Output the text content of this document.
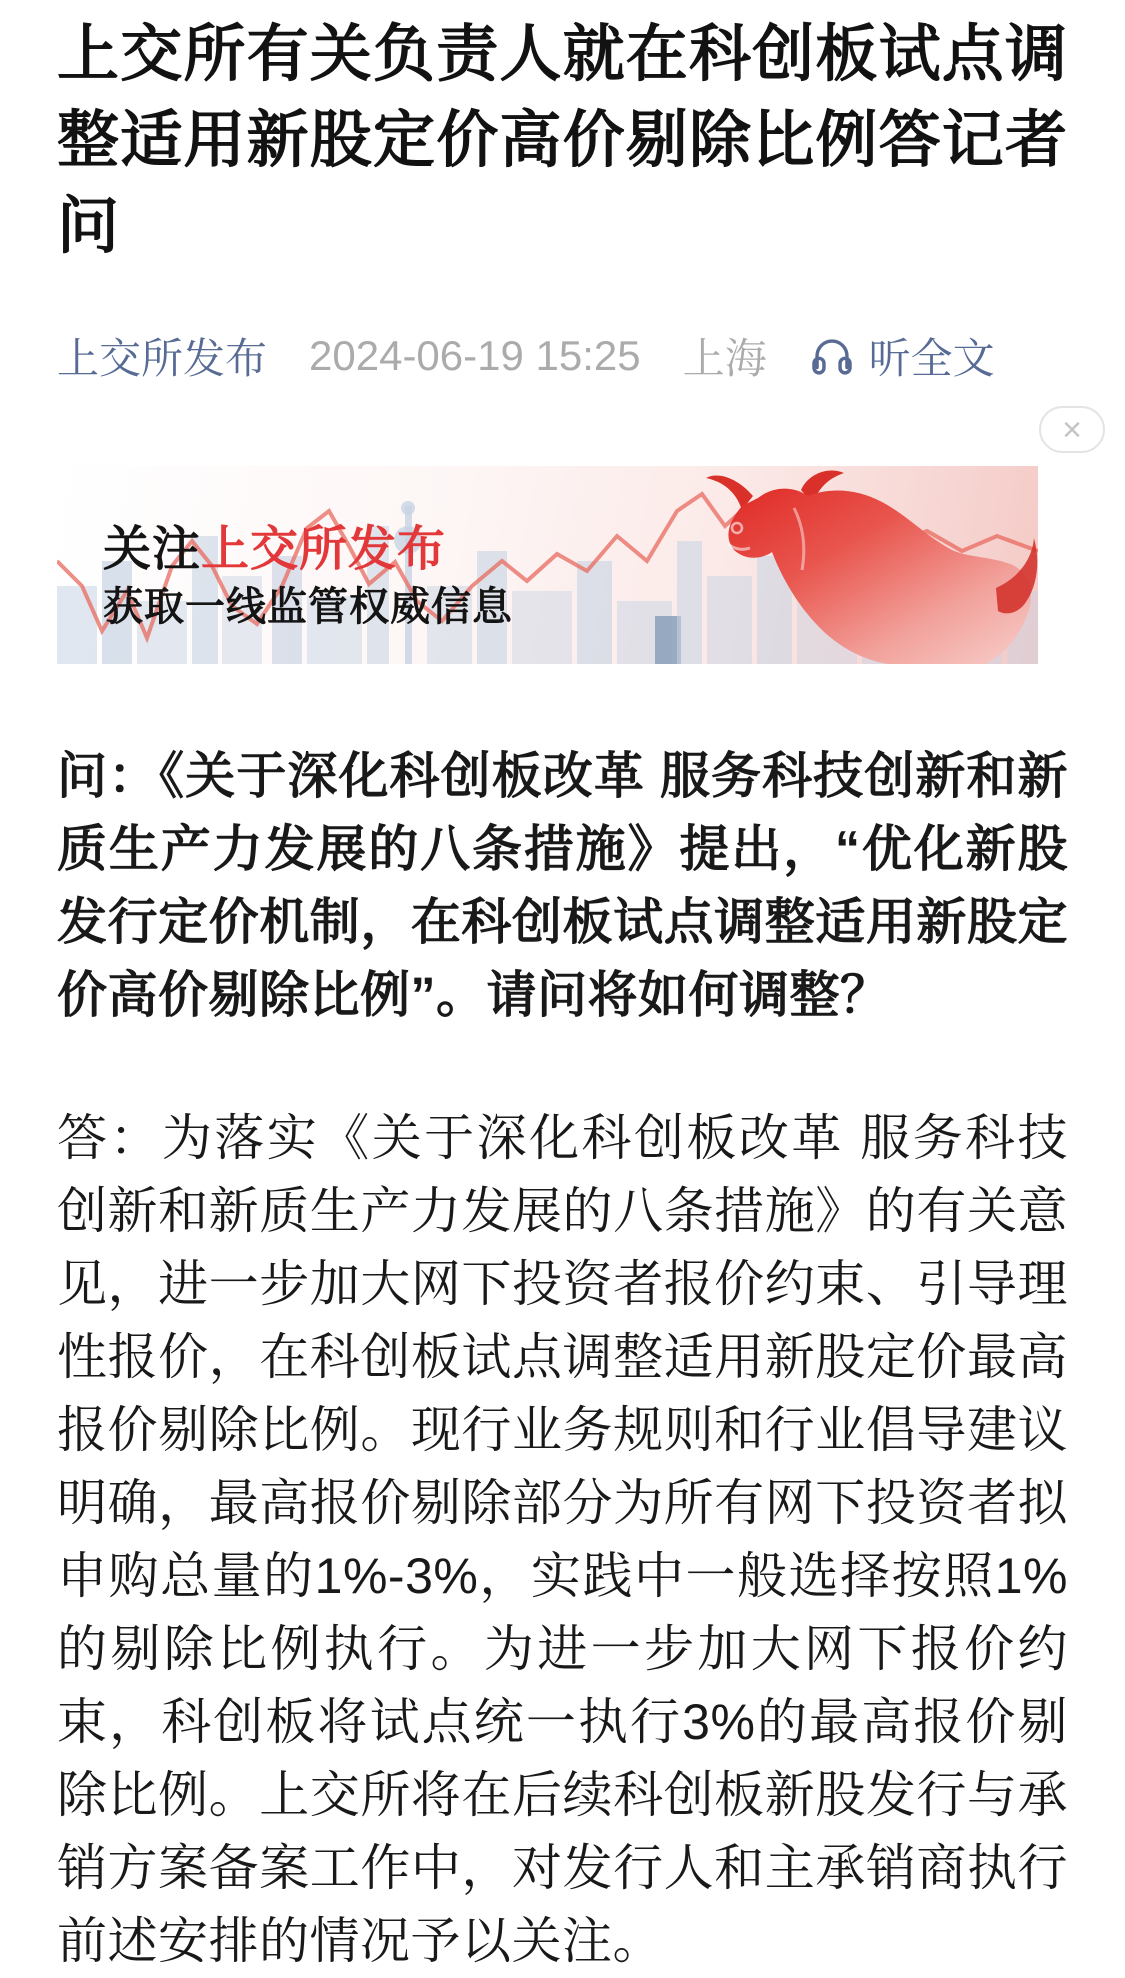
上交所有关负责人就在科创板试点调整适用新股定价高价剔除比例答记者问
上交所发布 2024-06-19 15:25 上海 听全文
×
关注上交所发布
获取一线监管权威信息

问：《关于深化科创板改革 服务科技创新和新质生产力发展的八条措施》提出，“优化新股发行定价机制，在科创板试点调整适用新股定价高价剔除比例”。请问将如何调整？

答：为落实《关于深化科创板改革 服务科技创新和新质生产力发展的八条措施》的有关意见，进一步加大网下投资者报价约束、引导理性报价，在科创板试点调整适用新股定价最高报价剔除比例。现行业务规则和行业倡导建议明确，最高报价剔除部分为所有网下投资者拟申购总量的1%-3%，实践中一般选择按照1%的剔除比例执行。为进一步加大网下报价约束，科创板将试点统一执行3%的最高报价剔除比例。上交所将在后续科创板新股发行与承销方案备案工作中，对发行人和主承销商执行前述安排的情况予以关注。
